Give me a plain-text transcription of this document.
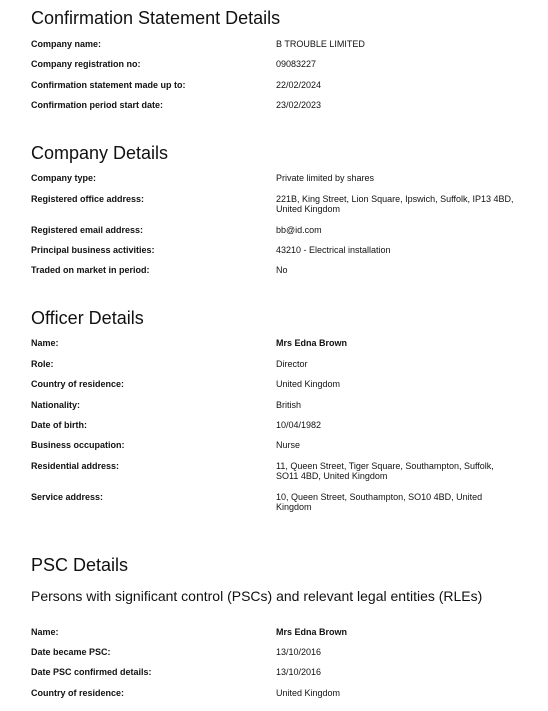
Confirmation Statement Details
Company name:	B TROUBLE LIMITED
Company registration no:	09083227
Confirmation statement made up to:	22/02/2024
Confirmation period start date:	23/02/2023
Company Details
Company type:	Private limited by shares
Registered office address:	221B, King Street, Lion Square, Ipswich, Suffolk, IP13 4BD, United Kingdom
Registered email address:	bb@id.com
Principal business activities:	43210 - Electrical installation
Traded on market in period:	No
Officer Details
Name:	Mrs Edna Brown
Role:	Director
Country of residence:	United Kingdom
Nationality:	British
Date of birth:	10/04/1982
Business occupation:	Nurse
Residential address:	11, Queen Street, Tiger Square, Southampton, Suffolk, SO11 4BD, United Kingdom
Service address:	10, Queen Street, Southampton, SO10 4BD, United Kingdom
PSC Details
Persons with significant control (PSCs) and relevant legal entities (RLEs)
Name:	Mrs Edna Brown
Date became PSC:	13/10/2016
Date PSC confirmed details:	13/10/2016
Country of residence:	United Kingdom
